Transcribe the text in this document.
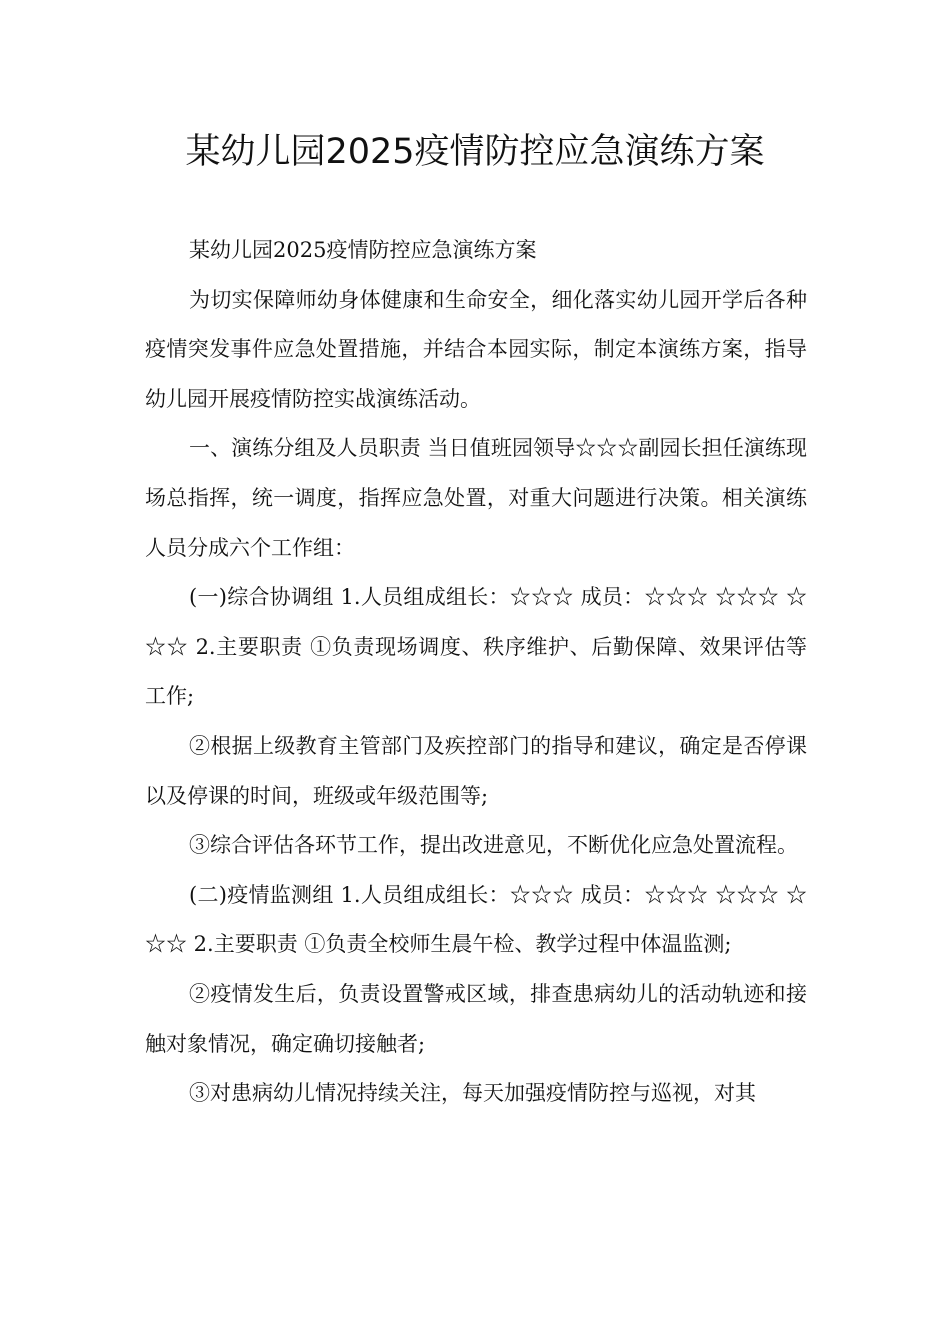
某幼儿园2025疫情防控应急演练方案

某幼儿园2025疫情防控应急演练方案

为切实保障师幼身体健康和生命安全，细化落实幼儿园开学后各种疫情突发事件应急处置措施，并结合本园实际，制定本演练方案，指导幼儿园开展疫情防控实战演练活动。

一、演练分组及人员职责 当日值班园领导☆☆☆副园长担任演练现场总指挥，统一调度，指挥应急处置，对重大问题进行决策。相关演练人员分成六个工作组：

(一)综合协调组 1.人员组成组长：☆☆☆ 成员：☆☆☆ ☆☆☆ ☆☆☆ 2.主要职责 ①负责现场调度、秩序维护、后勤保障、效果评估等工作;

②根据上级教育主管部门及疾控部门的指导和建议，确定是否停课以及停课的时间，班级或年级范围等;

③综合评估各环节工作，提出改进意见，不断优化应急处置流程。

(二)疫情监测组 1.人员组成组长：☆☆☆ 成员：☆☆☆ ☆☆☆ ☆☆☆ 2.主要职责 ①负责全校师生晨午检、教学过程中体温监测;

②疫情发生后，负责设置警戒区域，排查患病幼儿的活动轨迹和接触对象情况，确定确切接触者;

③对患病幼儿情况持续关注，每天加强疫情防控与巡视，对其
